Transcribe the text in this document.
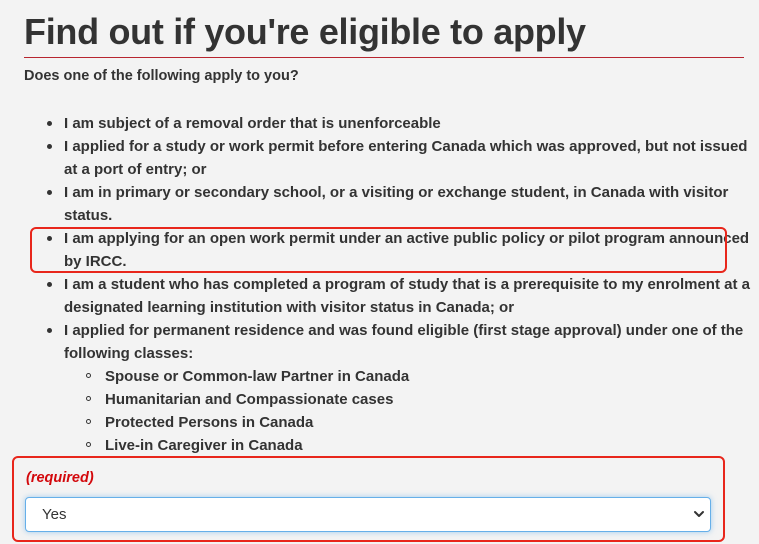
Find out if you're eligible to apply
Does one of the following apply to you?
I am subject of a removal order that is unenforceable
I applied for a study or work permit before entering Canada which was approved, but not issued at a port of entry; or
I am in primary or secondary school, or a visiting or exchange student, in Canada with visitor status.
I am applying for an open work permit under an active public policy or pilot program announced by IRCC.
I am a student who has completed a program of study that is a prerequisite to my enrolment at a designated learning institution with visitor status in Canada; or
I applied for permanent residence and was found eligible (first stage approval) under one of the following classes:
Spouse or Common-law Partner in Canada
Humanitarian and Compassionate cases
Protected Persons in Canada
Live-in Caregiver in Canada
(required)
Yes
